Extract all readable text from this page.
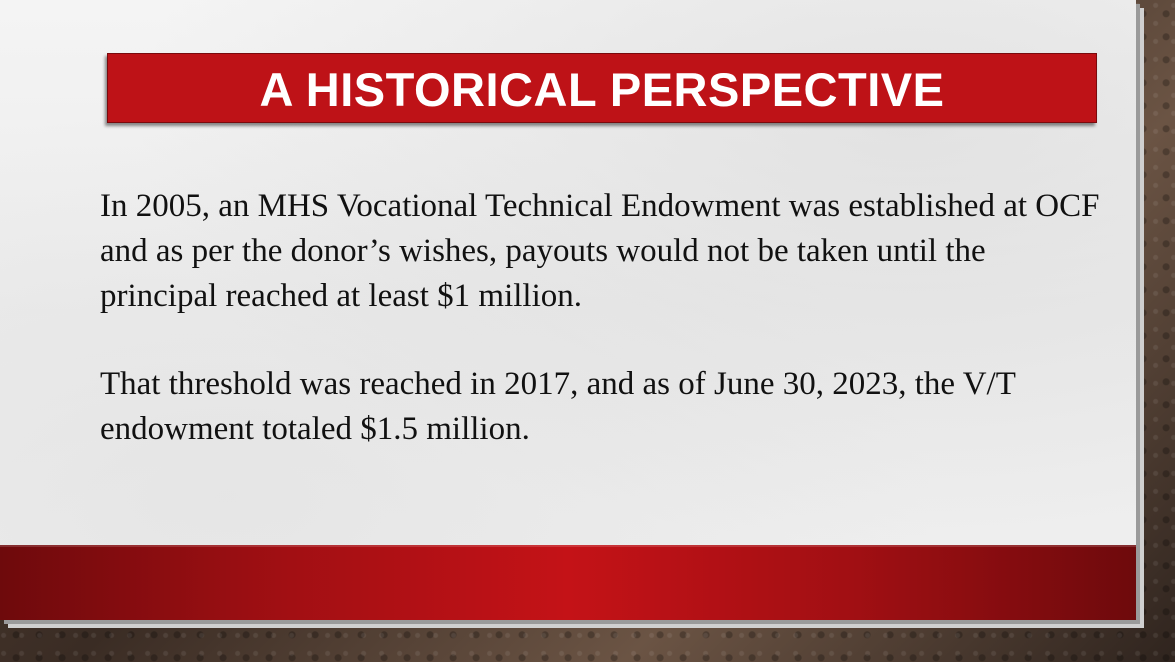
A HISTORICAL PERSPECTIVE

In 2005, an MHS Vocational Technical Endowment was established at OCF and as per the donor’s wishes, payouts would not be taken until the principal reached at least $1 million.

That threshold was reached in 2017, and as of June 30, 2023, the V/T endowment totaled $1.5 million.
